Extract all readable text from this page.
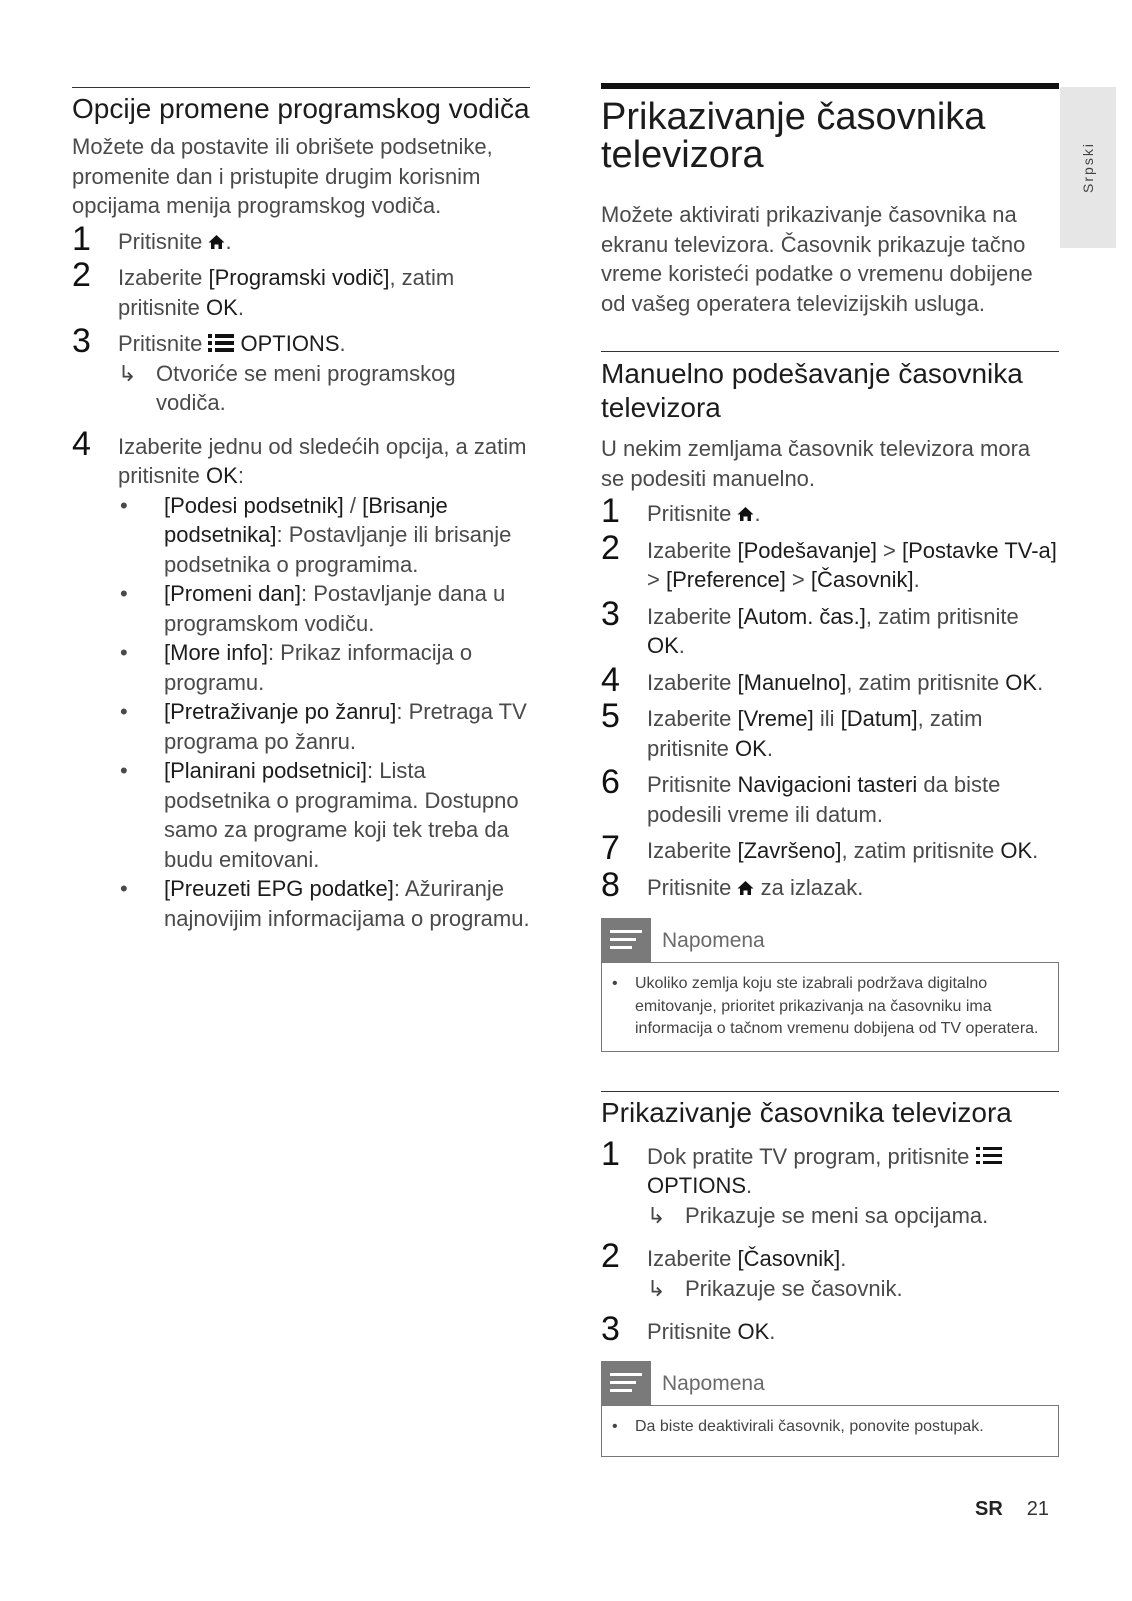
Srpski
Opcije promene programskog vodiča

Možete da postavite ili obrišete podsetnike, promenite dan i pristupite drugim korisnim opcijama menija programskog vodiča.

1 Pritisnite .
2 Izaberite [Programski vodič], zatim pritisnite OK.
3 Pritisnite
OPTIONS.
↳ Otvoriće se meni programskog vodiča.
4 Izaberite jednu od sledećih opcija, a zatim pritisnite OK:
• [Podesi podsetnik] / [Brisanje podsetnika]: Postavljanje ili brisanje podsetnika o programima.
• [Promeni dan]: Postavljanje dana u programskom vodiču.
• [More info]: Prikaz informacija o programu.
• [Pretraživanje po žanru]: Pretraga TV programa po žanru.
• [Planirani podsetnici]: Lista podsetnika o programima. Dostupno samo za programe koji tek treba da budu emitovani.
• [Preuzeti EPG podatke]: Ažuriranje najnovijim informacijama o programu.
Prikazivanje časovnika televizora

Možete aktivirati prikazivanje časovnika na ekranu televizora. Časovnik prikazuje tačno vreme koristeći podatke o vremenu dobijene od vašeg operatera televizijskih usluga.

Manuelno podešavanje časovnika televizora

U nekim zemljama časovnik televizora mora se podesiti manuelno.

1 Pritisnite .
2 Izaberite [Podešavanje] > [Postavke TV-a] > [Preference] > [Časovnik].
3 Izaberite [Autom. čas.], zatim pritisnite OK.
4 Izaberite [Manuelno], zatim pritisnite OK.
5 Izaberite [Vreme] ili [Datum], zatim pritisnite OK.
6 Pritisnite Navigacioni tasteri da biste podesili vreme ili datum.
7 Izaberite [Završeno], zatim pritisnite OK.
8 Pritisnite  za izlazak.
Napomena
• Ukoliko zemlja koju ste izabrali podržava digitalno emitovanje, prioritet prikazivanja na časovniku ima informacija o tačnom vremenu dobijena od TV operatera.
Prikazivanje časovnika televizora
1 Dok pratite TV program, pritisnite
OPTIONS.
↳ Prikazuje se meni sa opcijama.
2 Izaberite [Časovnik].
↳ Prikazuje se časovnik.
3 Pritisnite OK.
Napomena
• Da biste deaktivirali časovnik, ponovite postupak.
SR 21
